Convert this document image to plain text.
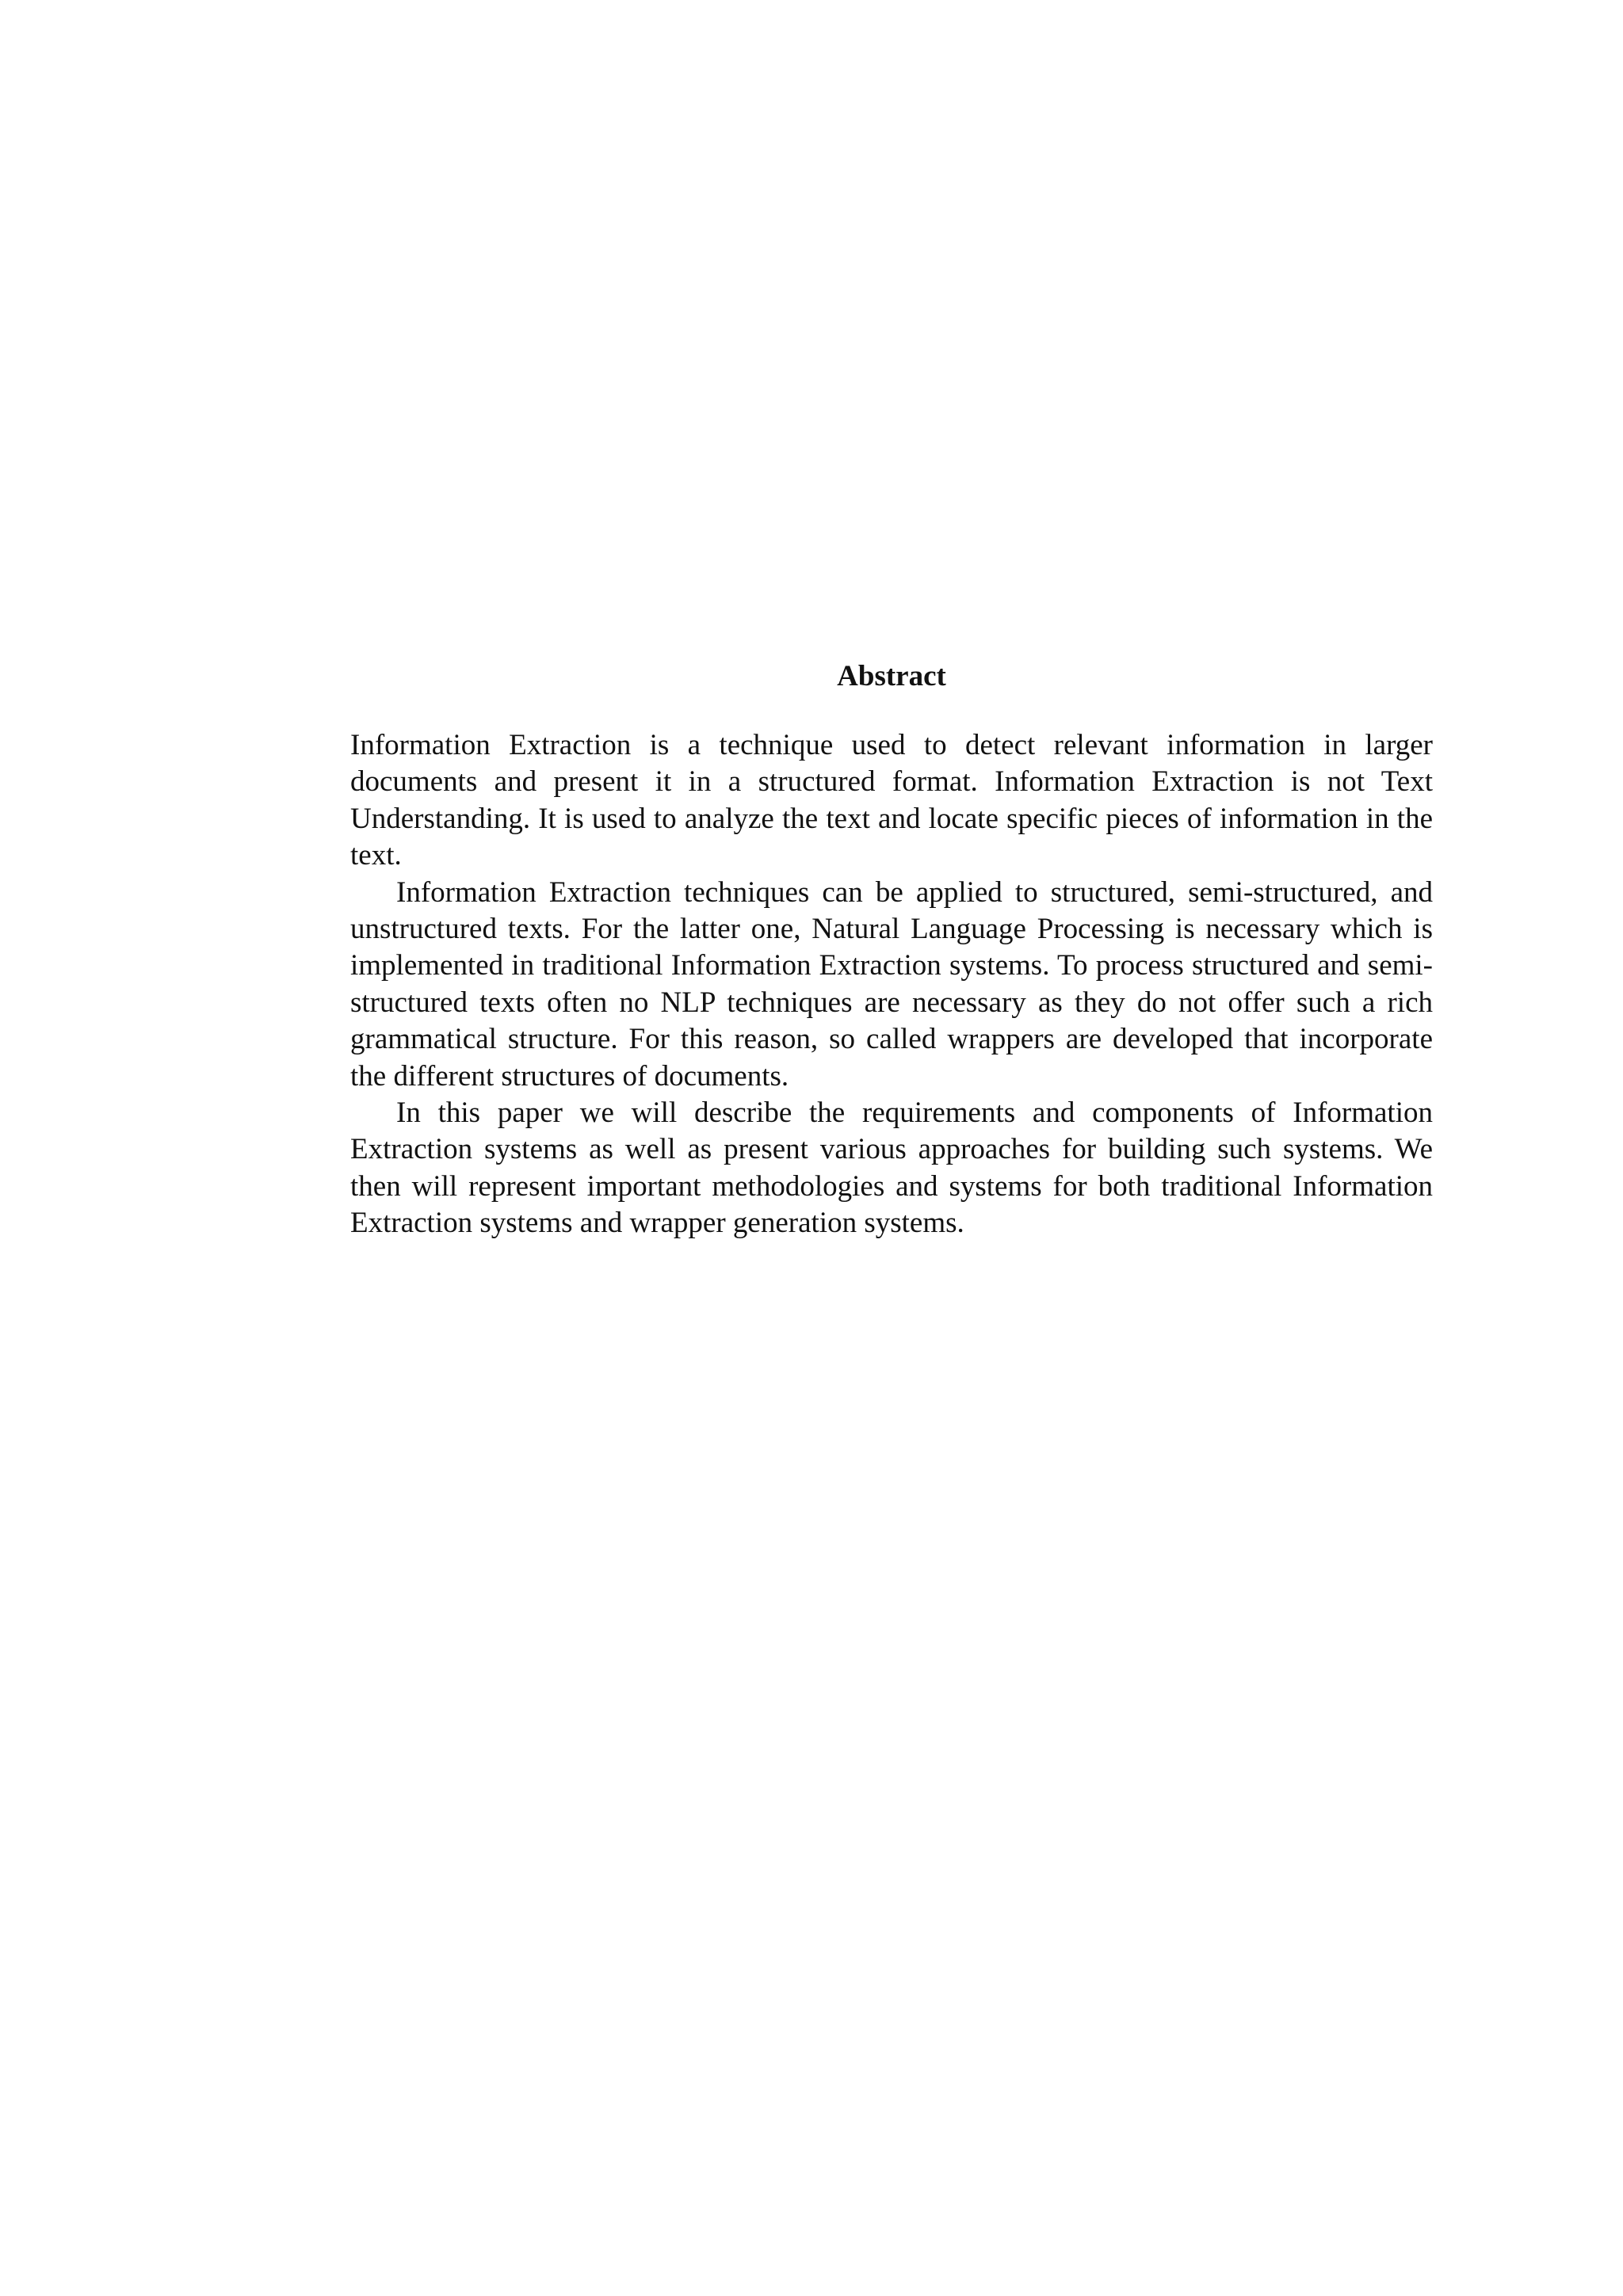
Abstract

Information Extraction is a technique used to detect relevant information in larger documents and present it in a structured format. Information Extraction is not Text Understanding. It is used to analyze the text and locate specific pieces of information in the text.

Information Extraction techniques can be applied to structured, semi-structured, and unstructured texts. For the latter one, Natural Language Processing is necessary which is implemented in traditional Information Extraction systems. To process structured and semi-structured texts often no NLP techniques are necessary as they do not offer such a rich grammatical structure. For this reason, so called wrappers are developed that incorporate the different structures of documents.

In this paper we will describe the requirements and components of Information Extraction systems as well as present various approaches for building such systems. We then will represent important methodologies and systems for both traditional Information Extraction systems and wrapper generation systems.
